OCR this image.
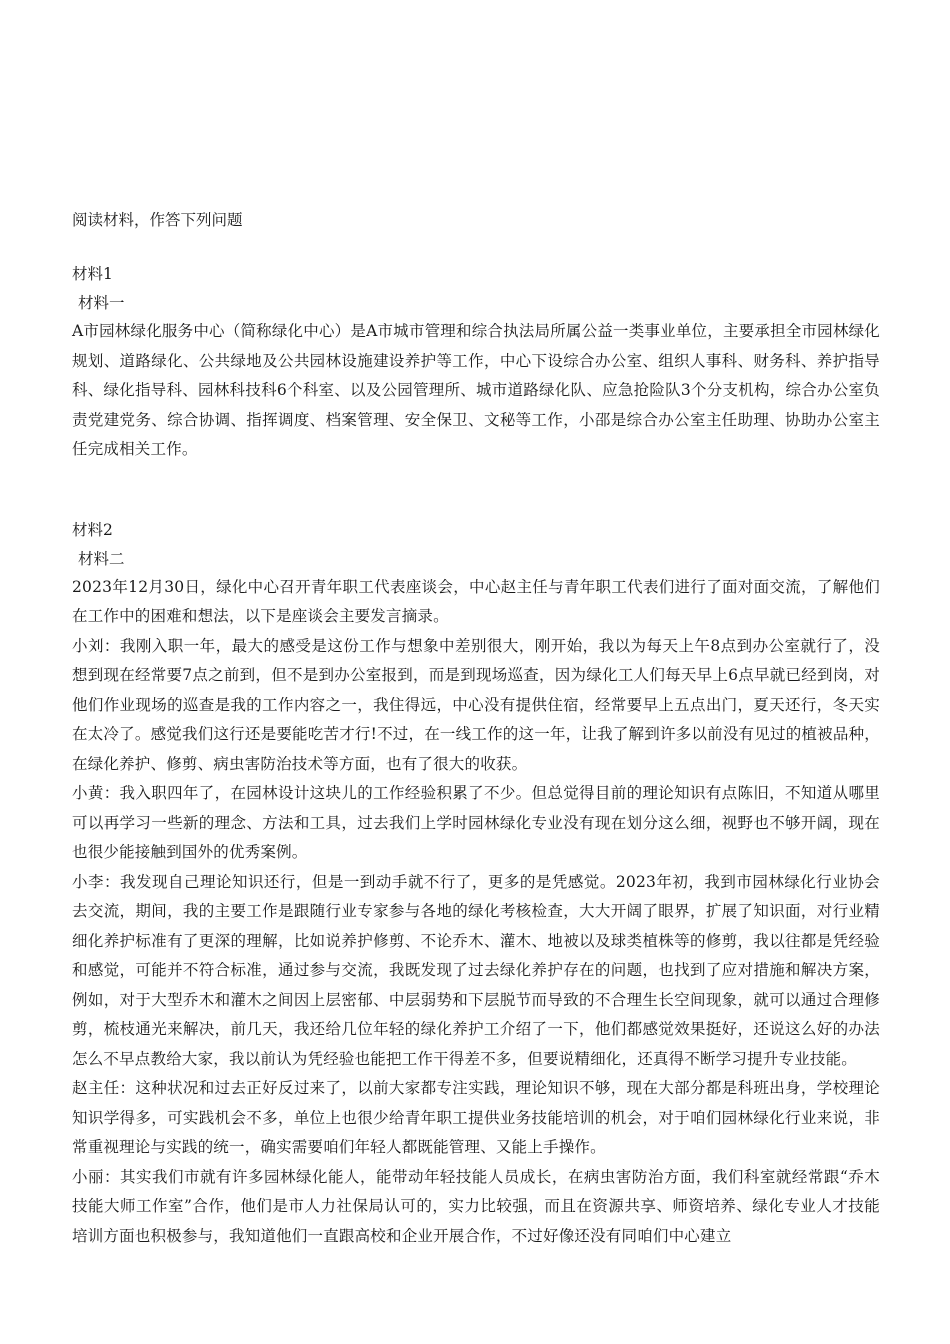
阅读材料，作答下列问题

材料1

材料一

A市园林绿化服务中心（简称绿化中心）是A市城市管理和综合执法局所属公益一类事业单位，主要承担全市园林绿化规划、道路绿化、公共绿地及公共园林设施建设养护等工作，中心下设综合办公室、组织人事科、财务科、养护指导科、绿化指导科、园林科技科6个科室、以及公园管理所、城市道路绿化队、应急抢险队3个分支机构，综合办公室负责党建党务、综合协调、指挥调度、档案管理、安全保卫、文秘等工作，小邵是综合办公室主任助理、协助办公室主任完成相关工作。

材料2

材料二

2023年12月30日，绿化中心召开青年职工代表座谈会，中心赵主任与青年职工代表们进行了面对面交流，了解他们在工作中的困难和想法，以下是座谈会主要发言摘录。

小刘：我刚入职一年，最大的感受是这份工作与想象中差别很大，刚开始，我以为每天上午8点到办公室就行了，没想到现在经常要7点之前到，但不是到办公室报到，而是到现场巡查，因为绿化工人们每天早上6点早就已经到岗，对他们作业现场的巡查是我的工作内容之一，我住得远，中心没有提供住宿，经常要早上五点出门，夏天还行，冬天实在太冷了。感觉我们这行还是要能吃苦才行!不过，在一线工作的这一年，让我了解到许多以前没有见过的植被品种，在绿化养护、修剪、病虫害防治技术等方面，也有了很大的收获。

小黄：我入职四年了，在园林设计这块儿的工作经验积累了不少。但总觉得目前的理论知识有点陈旧，不知道从哪里可以再学习一些新的理念、方法和工具，过去我们上学时园林绿化专业没有现在划分这么细，视野也不够开阔，现在也很少能接触到国外的优秀案例。

小李：我发现自己理论知识还行，但是一到动手就不行了，更多的是凭感觉。2023年初，我到市园林绿化行业协会去交流，期间，我的主要工作是跟随行业专家参与各地的绿化考核检查，大大开阔了眼界，扩展了知识面，对行业精细化养护标准有了更深的理解，比如说养护修剪、不论乔木、灌木、地被以及球类植株等的修剪，我以往都是凭经验和感觉，可能并不符合标准，通过参与交流，我既发现了过去绿化养护存在的问题，也找到了应对措施和解决方案，例如，对于大型乔木和灌木之间因上层密郁、中层弱势和下层脱节而导致的不合理生长空间现象，就可以通过合理修剪，梳枝通光来解决，前几天，我还给几位年轻的绿化养护工介绍了一下，他们都感觉效果挺好，还说这么好的办法怎么不早点教给大家，我以前认为凭经验也能把工作干得差不多，但要说精细化，还真得不断学习提升专业技能。

赵主任：这种状况和过去正好反过来了，以前大家都专注实践，理论知识不够，现在大部分都是科班出身，学校理论知识学得多，可实践机会不多，单位上也很少给青年职工提供业务技能培训的机会，对于咱们园林绿化行业来说，非常重视理论与实践的统一，确实需要咱们年轻人都既能管理、又能上手操作。

小丽：其实我们市就有许多园林绿化能人，能带动年轻技能人员成长，在病虫害防治方面，我们科室就经常跟“乔木技能大师工作室”合作，他们是市人力社保局认可的，实力比较强，而且在资源共享、师资培养、绿化专业人才技能培训方面也积极参与，我知道他们一直跟高校和企业开展合作，不过好像还没有同咱们中心建立
